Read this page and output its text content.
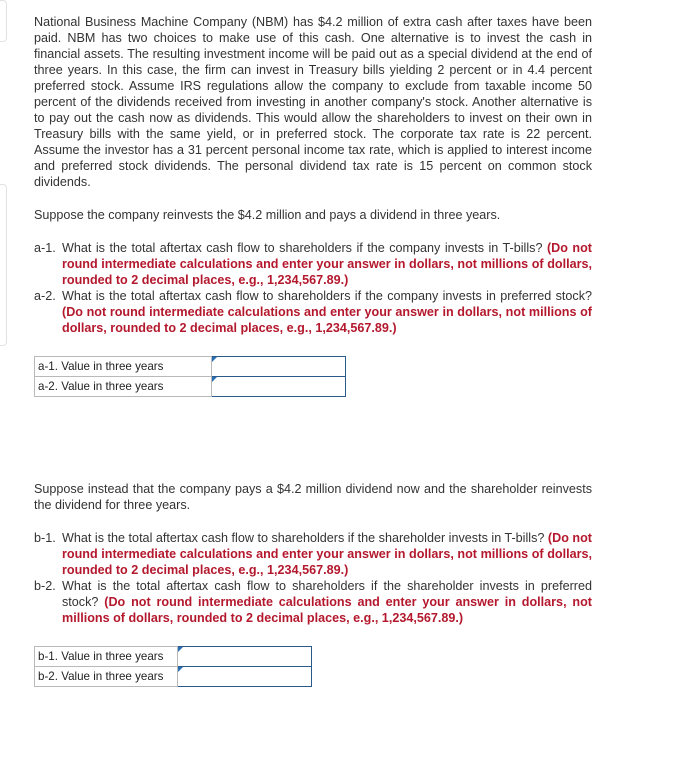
National Business Machine Company (NBM) has $4.2 million of extra cash after taxes have been paid. NBM has two choices to make use of this cash. One alternative is to invest the cash in financial assets. The resulting investment income will be paid out as a special dividend at the end of three years. In this case, the firm can invest in Treasury bills yielding 2 percent or in 4.4 percent preferred stock. Assume IRS regulations allow the company to exclude from taxable income 50 percent of the dividends received from investing in another company's stock. Another alternative is to pay out the cash now as dividends. This would allow the shareholders to invest on their own in Treasury bills with the same yield, or in preferred stock. The corporate tax rate is 22 percent. Assume the investor has a 31 percent personal income tax rate, which is applied to interest income and preferred stock dividends. The personal dividend tax rate is 15 percent on common stock dividends.

Suppose the company reinvests the $4.2 million and pays a dividend in three years.

a-1. What is the total aftertax cash flow to shareholders if the company invests in T-bills? (Do not round intermediate calculations and enter your answer in dollars, not millions of dollars, rounded to 2 decimal places, e.g., 1,234,567.89.)
a-2. What is the total aftertax cash flow to shareholders if the company invests in preferred stock? (Do not round intermediate calculations and enter your answer in dollars, not millions of dollars, rounded to 2 decimal places, e.g., 1,234,567.89.)
a-1. Value in three years	

a-2. Value in three years	

Suppose instead that the company pays a $4.2 million dividend now and the shareholder reinvests the dividend for three years.

b-1. What is the total aftertax cash flow to shareholders if the shareholder invests in T-bills? (Do not round intermediate calculations and enter your answer in dollars, not millions of dollars, rounded to 2 decimal places, e.g., 1,234,567.89.)
b-2. What is the total aftertax cash flow to shareholders if the shareholder invests in preferred stock? (Do not round intermediate calculations and enter your answer in dollars, not millions of dollars, rounded to 2 decimal places, e.g., 1,234,567.89.)
b-1. Value in three years	

b-2. Value in three years	
